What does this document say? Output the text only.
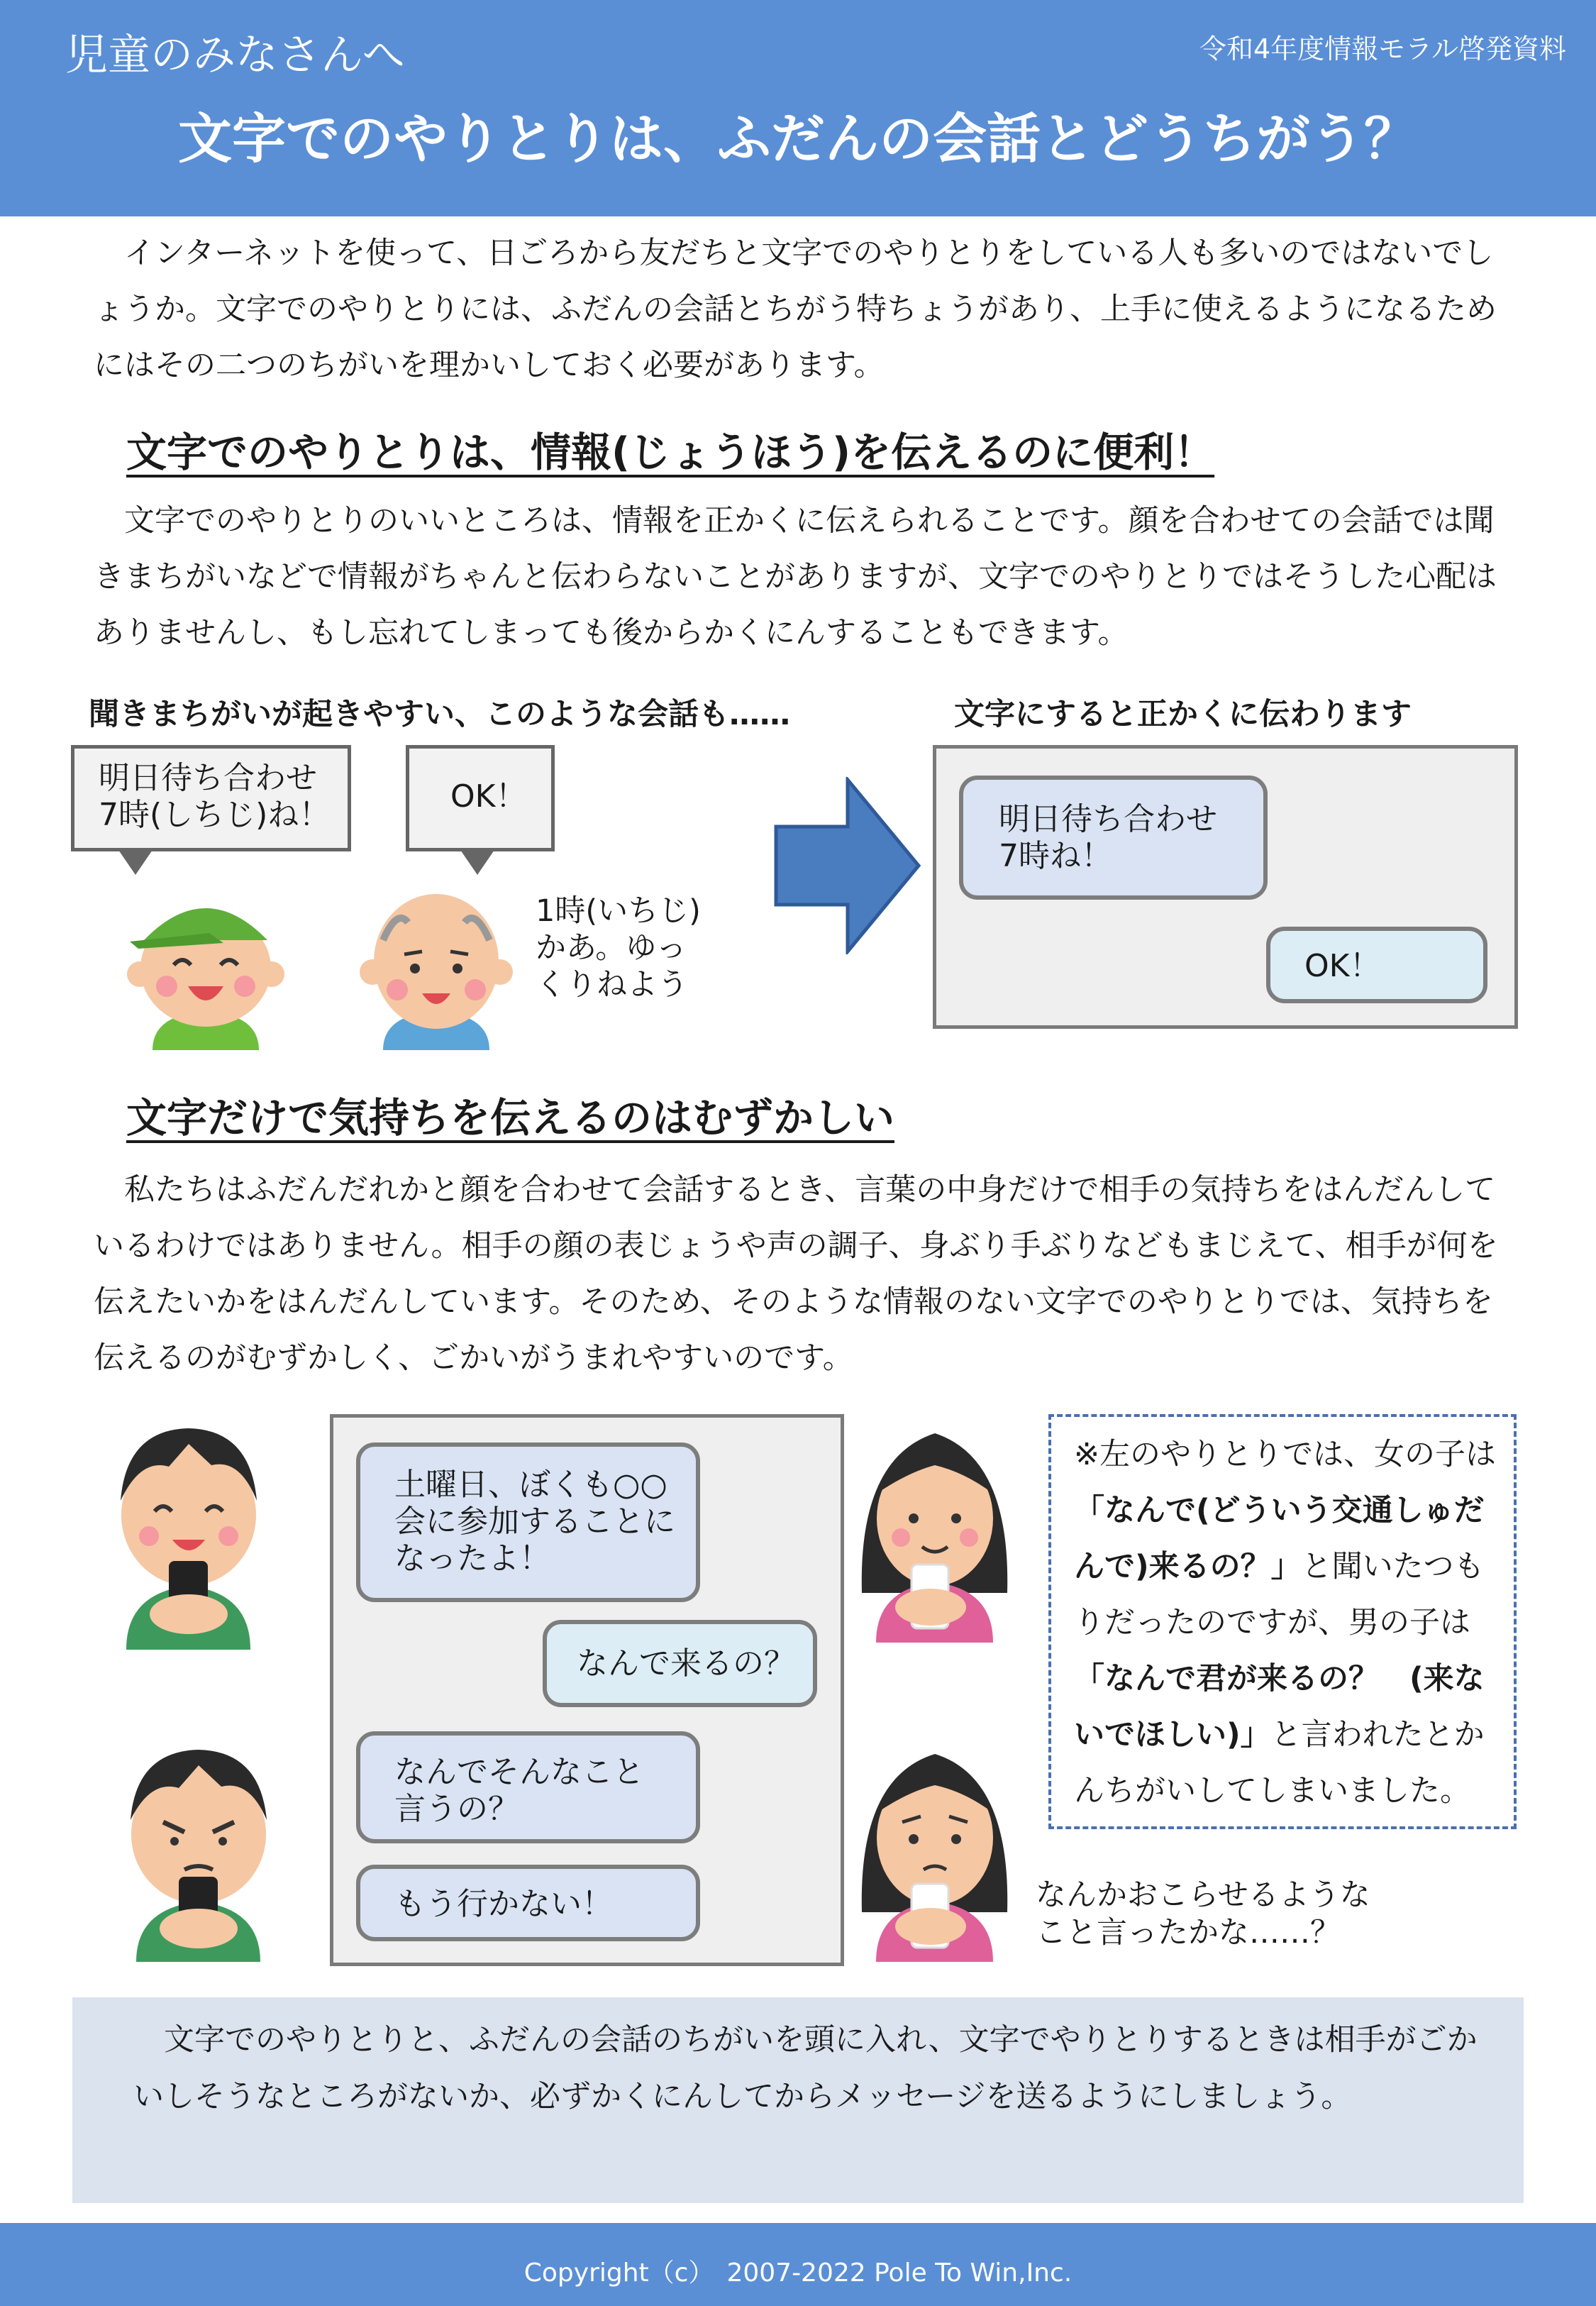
児童のみなさんへ	令和4年度情報モラル啓発資料
文字でのやりとりは、ふだんの会話とどうちがう？
インターネットを使って、日ごろから友だちと文字でのやりとりをしている人も多いのではないでしょうか。文字でのやりとりには、ふだんの会話とちがう特ちょうがあり、上手に使えるようになるためにはその二つのちがいを理かいしておく必要があります。
文字でのやりとりは、情報(じょうほう)を伝えるのに便利！
文字でのやりとりのいいところは、情報を正かくに伝えられることです。顔を合わせての会話では聞きまちがいなどで情報がちゃんと伝わらないことがありますが、文字でのやりとりではそうした心配はありませんし、もし忘れてしまっても後からかくにんすることもできます。
聞きまちがいが起きやすい、このような会話も……	文字にすると正かくに伝わります
明日待ち合わせ
7時(しちじ)ね！
OK！
1時(いちじ)
かあ。ゆっ
くりねよう
明日待ち合わせ
7時ね！
OK！
文字だけで気持ちを伝えるのはむずかしい
私たちはふだんだれかと顔を合わせて会話するとき、言葉の中身だけで相手の気持ちをはんだんしているわけではありません。相手の顔の表じょうや声の調子、身ぶり手ぶりなどもまじえて、相手が何を伝えたいかをはんだんしています。そのため、そのような情報のない文字でのやりとりでは、気持ちを伝えるのがむずかしく、ごかいがうまれやすいのです。
土曜日、ぼくも○○
会に参加することに
なったよ！
なんで来るの？
なんでそんなこと
言うの？
もう行かない！
※左のやりとりでは、女の子は「なんで(どういう交通しゅだんで)来るの？」と聞いたつもりだったのですが、男の子は「なんで君が来るの？　(来ないでほしい)」と言われたとかんちがいしてしまいました。
なんかおこらせるような
こと言ったかな……？
文字でのやりとりと、ふだんの会話のちがいを頭に入れ、文字でやりとりするときは相手がごかいしそうなところがないか、必ずかくにんしてからメッセージを送るようにしましょう。
Copyright（c）　2007-2022 Pole To Win,Inc.
